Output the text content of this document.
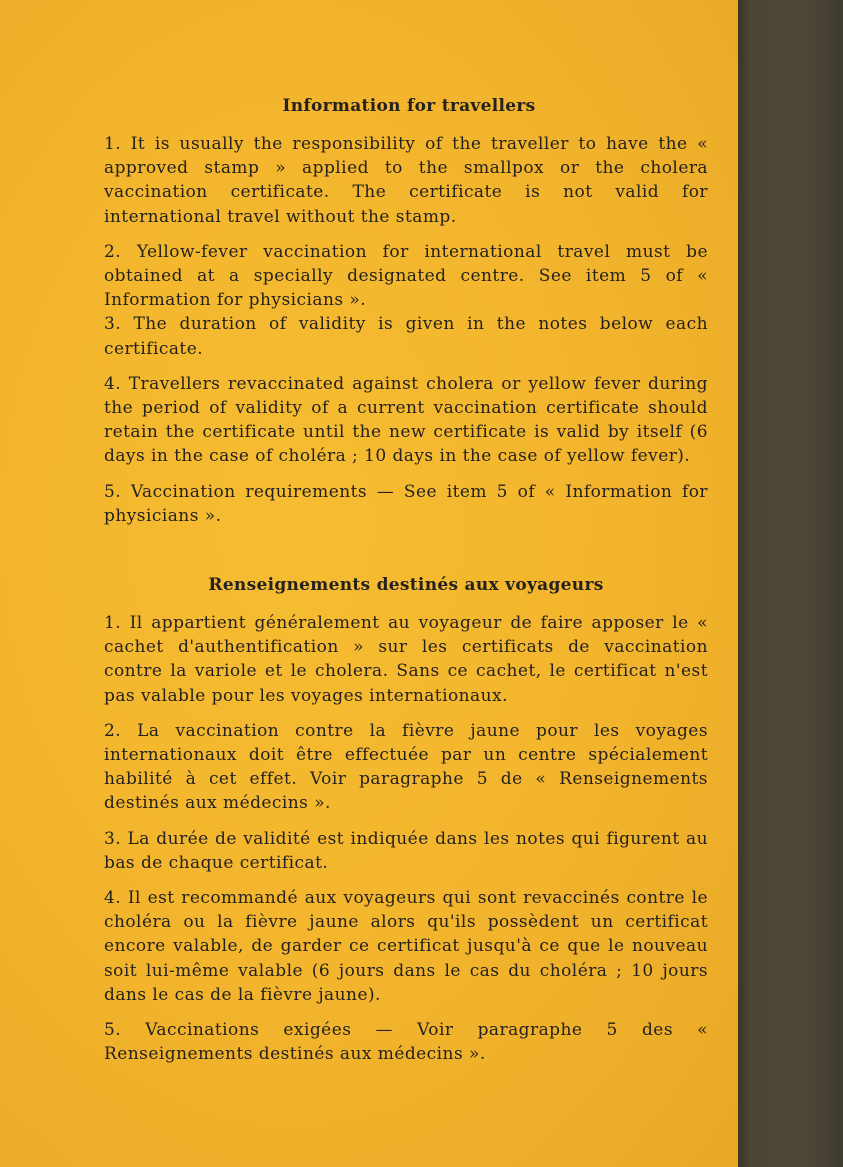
Information for travellers

1. It is usually the responsibility of the traveller to have the « approved stamp » applied to the smallpox or the cholera vaccination certificate. The certificate is not valid for international travel without the stamp.

2. Yellow-fever vaccination for international travel must be obtained at a specially designated centre. See item 5 of « Information for physicians ».

3. The duration of validity is given in the notes below each certificate.

4. Travellers revaccinated against cholera or yellow fever during the period of validity of a current vaccination certificate should retain the certificate until the new certificate is valid by itself (6 days in the case of choléra ; 10 days in the case of yellow fever).

5. Vaccination requirements — See item 5 of « Information for physicians ».

Renseignements destinés aux voyageurs

1. Il appartient généralement au voyageur de faire apposer le « cachet d'authentification » sur les certificats de vaccination contre la variole et le cholera. Sans ce cachet, le certificat n'est pas valable pour les voyages internationaux.

2. La vaccination contre la fièvre jaune pour les voyages internationaux doit être effectuée par un centre spécialement habilité à cet effet. Voir paragraphe 5 de « Renseignements destinés aux médecins ».

3. La durée de validité est indiquée dans les notes qui figurent au bas de chaque certificat.

4. Il est recommandé aux voyageurs qui sont revaccinés contre le choléra ou la fièvre jaune alors qu'ils possèdent un certificat encore valable, de garder ce certificat jusqu'à ce que le nouveau soit lui-même valable (6 jours dans le cas du choléra ; 10 jours dans le cas de la fièvre jaune).

5. Vaccinations exigées — Voir paragraphe 5 des « Renseignements destinés aux médecins ».
